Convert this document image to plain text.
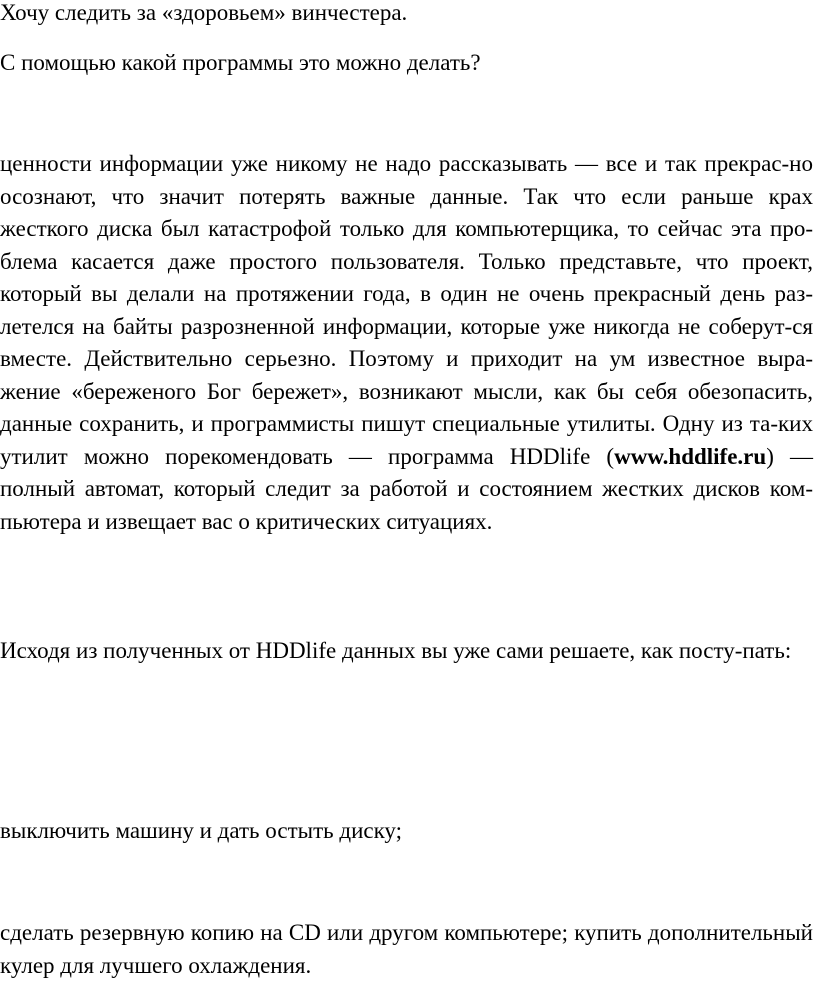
Хочу следить за «здоровьем» винчестера.

С помощью какой программы это можно делать?

ценности информации уже никому не надо рассказывать — все и так прекрас-но осознают, что значит потерять важные данные. Так что если раньше крах жесткого диска был катастрофой только для компьютерщика, то сейчас эта про-блема касается даже простого пользователя. Только представьте, что проект, который вы делали на протяжении года, в один не очень прекрасный день раз-летелся на байты разрозненной информации, которые уже никогда не соберут-ся вместе. Действительно серьезно. Поэтому и приходит на ум известное выра-жение «береженого Бог бережет», возникают мысли, как бы себя обезопасить, данные сохранить, и программисты пишут специальные утилиты. Одну из та-ких утилит можно порекомендовать — программа HDDlife (www.hddlife.ru) — полный автомат, который следит за работой и состоянием жестких дисков ком-пьютера и извещает вас о критических ситуациях.

Исходя из полученных от HDDlife данных вы уже сами решаете, как посту-пать:

выключить машину и дать остыть диску;

сделать резервную копию на CD или другом компьютере; купить дополнительный кулер для лучшего охлаждения.
